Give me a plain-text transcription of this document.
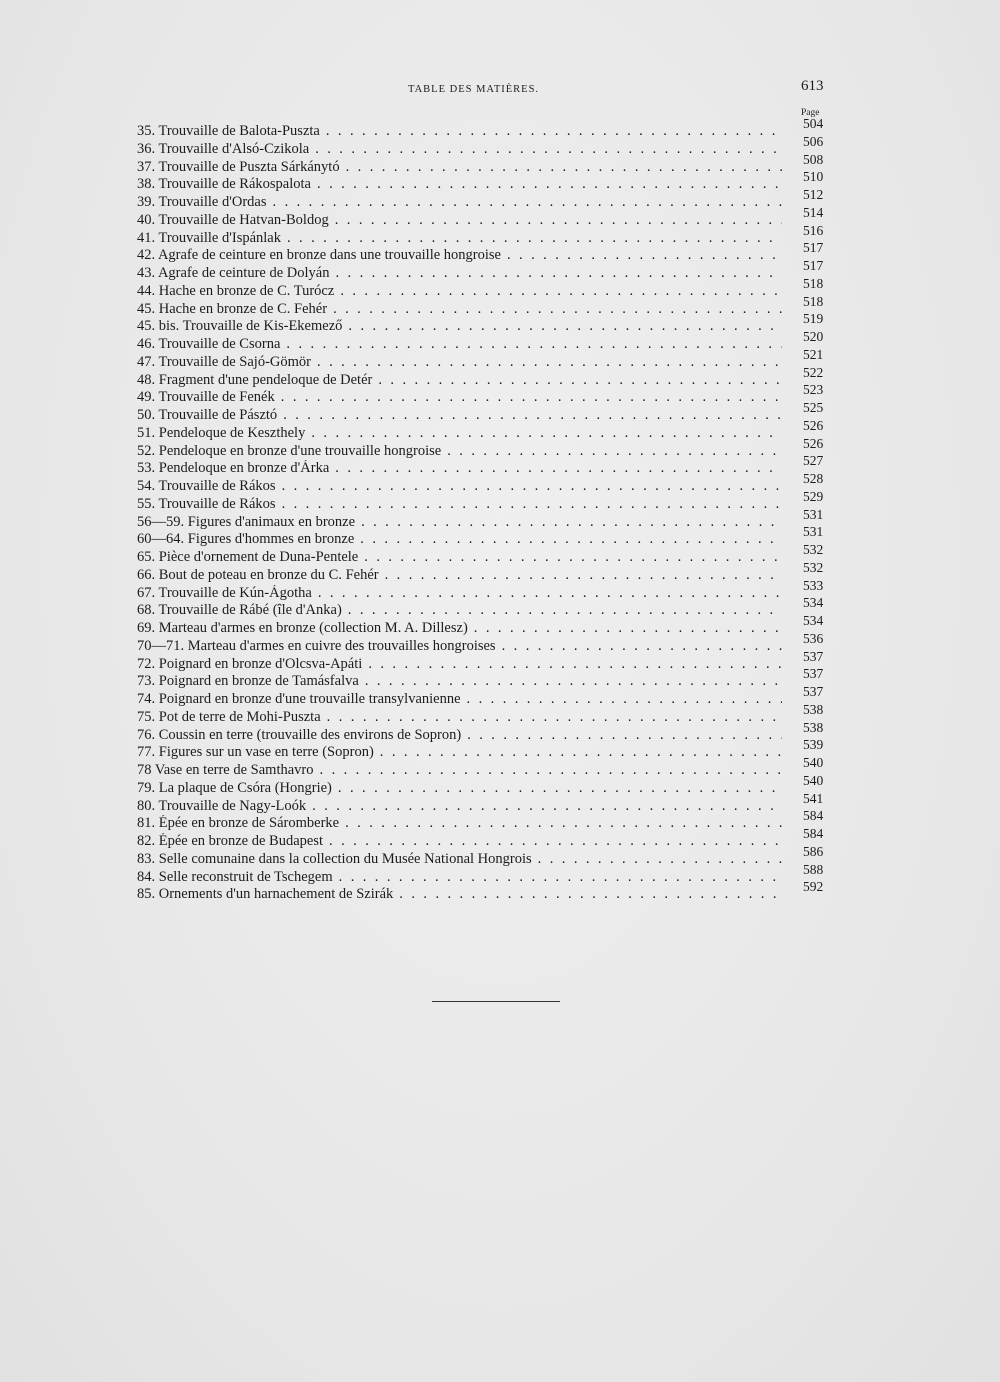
TABLE DES MATIÈRES.	613
Page
35. Trouvaille de Balota-Puszta . . .	504
36. Trouvaille d'Alsó-Czikola . . .	506
37. Trouvaille de Puszta Sárkánytó . . .	508
38. Trouvaille de Rákospalota . . .	510
39. Trouvaille d'Ordas . . .	512
40. Trouvaille de Hatvan-Boldog . . .	514
41. Trouvaille d'Ispánlak . . .	516
42. Agrafe de ceinture en bronze dans une trouvaille hongroise . . .	517
43. Agrafe de ceinture de Dolyán . . .	517
44. Hache en bronze de C. Turócz . . .	518
45. Hache en bronze de C. Fehér . . .	518
45. bis. Trouvaille de Kis-Ekemező . . .	519
46. Trouvaille de Csorna . . .	520
47. Trouvaille de Sajó-Gömör . . .	521
48. Fragment d'une pendeloque de Detér . . .	522
49. Trouvaille de Fenék . . .	523
50. Trouvaille de Pásztó . . .	525
51. Pendeloque de Keszthely . . .	526
52. Pendeloque en bronze d'une trouvaille hongroise . . .	526
53. Pendeloque en bronze d'Árka . . .	527
54. Trouvaille de Rákos . . .	528
55. Trouvaille de Rákos . . .	529
56—59. Figures d'animaux en bronze . . .	531
60—64. Figures d'hommes en bronze . . .	531
65. Pièce d'ornement de Duna-Pentele . . .	532
66. Bout de poteau en bronze du C. Fehér . . .	532
67. Trouvaille de Kún-Ágotha . . .	533
68. Trouvaille de Rábé (île d'Anka) . . .	534
69. Marteau d'armes en bronze (collection M. A. Dillesz) . . .	534
70—71. Marteau d'armes en cuivre des trouvailles hongroises . . .	536
72. Poignard en bronze d'Olcsva-Apáti . . .	537
73. Poignard en bronze de Tamásfalva . . .	537
74. Poignard en bronze d'une trouvaille transylvanienne . . .	537
75. Pot de terre de Mohi-Puszta . . .	538
76. Coussin en terre (trouvaille des environs de Sopron) . . .	538
77. Figures sur un vase en terre (Sopron) . . .	539
78 Vase en terre de Samthavro . . .	540
79. La plaque de Csóra (Hongrie) . . .	540
80. Trouvaille de Nagy-Loók . . .	541
81. Épée en bronze de Sáromberke . . .	584
82. Épée en bronze de Budapest . . .	584
83. Selle comunaine dans la collection du Musée National Hongrois . . .	586
84. Selle reconstruit de Tschegem . . .	588
85. Ornements d'un harnachement de Szirák . . .	592
